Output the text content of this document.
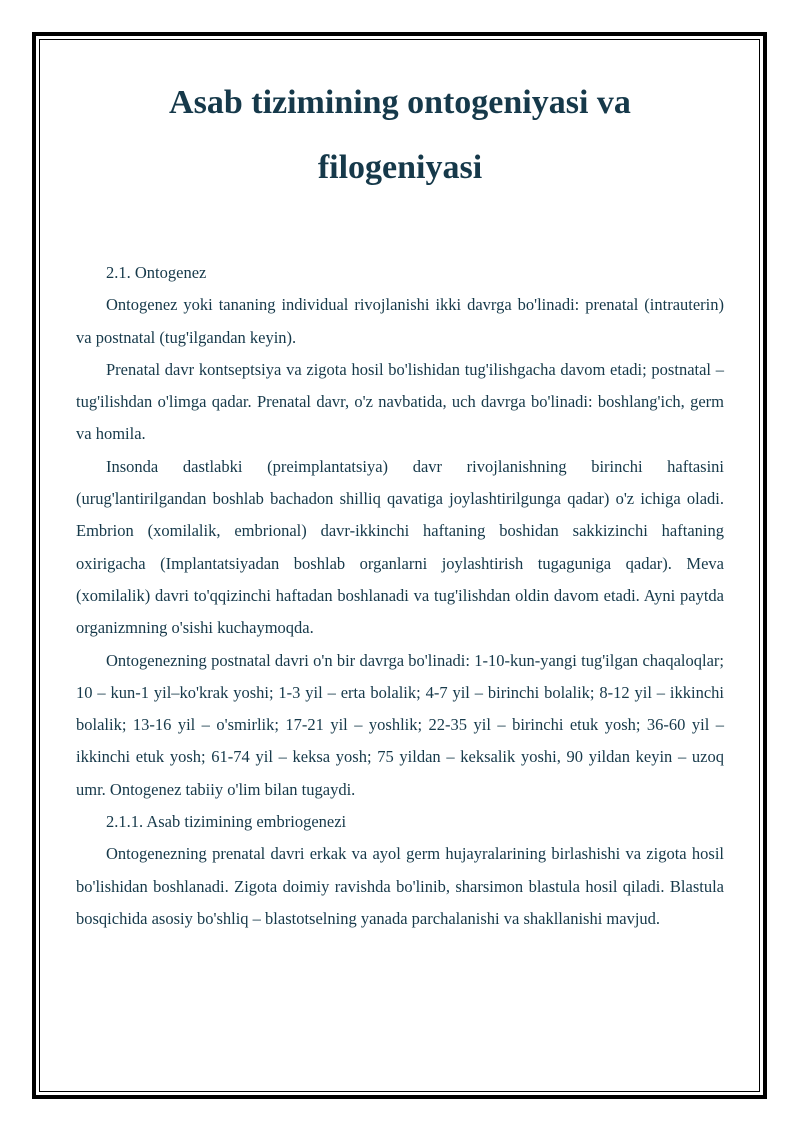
Asab tizimining ontogeniyasi va
filogeniyasi

2.1. Ontogenez

Ontogenez yoki tananing individual rivojlanishi ikki davrga bo'linadi: prenatal (intrauterin) va postnatal (tug'ilgandan keyin).

Prenatal davr kontseptsiya va zigota hosil bo'lishidan tug'ilishgacha davom etadi; postnatal – tug'ilishdan o'limga qadar. Prenatal davr, o'z navbatida, uch davrga bo'linadi: boshlang'ich, germ va homila.

Insonda dastlabki (preimplantatsiya) davr rivojlanishning birinchi haftasini (urug'lantirilgandan boshlab bachadon shilliq qavatiga joylashtirilgunga qadar) o'z ichiga oladi. Embrion (xomilalik, embrional) davr-ikkinchi haftaning boshidan sakkizinchi haftaning oxirigacha (Implantatsiyadan boshlab organlarni joylashtirish tugaguniga qadar). Meva (xomilalik) davri to'qqizinchi haftadan boshlanadi va tug'ilishdan oldin davom etadi. Ayni paytda organizmning o'sishi kuchaymoqda.

Ontogenezning postnatal davri o'n bir davrga bo'linadi: 1-10-kun-yangi tug'ilgan chaqaloqlar; 10 – kun-1 yil–ko'krak yoshi; 1-3 yil – erta bolalik; 4-7 yil – birinchi bolalik; 8-12 yil – ikkinchi bolalik; 13-16 yil – o'smirlik; 17-21 yil – yoshlik; 22-35 yil – birinchi etuk yosh; 36-60 yil – ikkinchi etuk yosh; 61-74 yil – keksa yosh; 75 yildan – keksalik yoshi, 90 yildan keyin – uzoq umr. Ontogenez tabiiy o'lim bilan tugaydi.

2.1.1. Asab tizimining embriogenezi

Ontogenezning prenatal davri erkak va ayol germ hujayralarining birlashishi va zigota hosil bo'lishidan boshlanadi. Zigota doimiy ravishda bo'linib, sharsimon blastula hosil qiladi. Blastula bosqichida asosiy bo'shliq – blastotselning yanada parchalanishi va shakllanishi mavjud.
